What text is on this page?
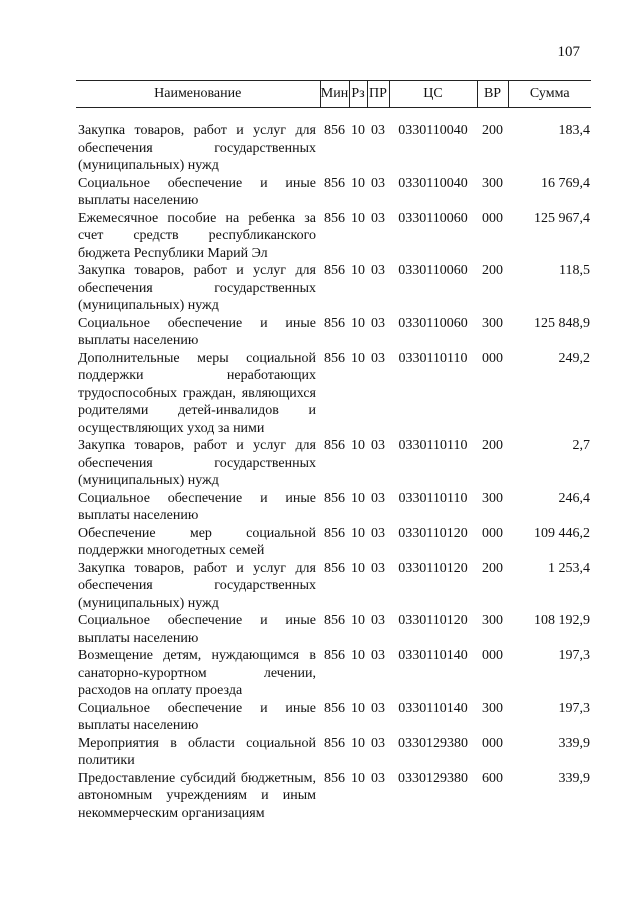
107
Наименование	Мин	Рз	ПР	ЦС	ВР	Сумма

Закупка товаров, работ и услуг для обеспечения государственных (муниципальных) нужд	856	10	03	0330110040	200	183,4
Социальное обеспечение и иные выплаты населению	856	10	03	0330110040	300	16 769,4
Ежемесячное пособие на ребенка за счет средств республиканского бюджета Республики Марий Эл	856	10	03	0330110060	000	125 967,4
Закупка товаров, работ и услуг для обеспечения государственных (муниципальных) нужд	856	10	03	0330110060	200	118,5
Социальное обеспечение и иные выплаты населению	856	10	03	0330110060	300	125 848,9
Дополнительные меры социальной поддержки неработающих трудоспособных граждан, являющихся родителями детей-инвалидов и осуществляющих уход за ними	856	10	03	0330110110	000	249,2
Закупка товаров, работ и услуг для обеспечения государственных (муниципальных) нужд	856	10	03	0330110110	200	2,7
Социальное обеспечение и иные выплаты населению	856	10	03	0330110110	300	246,4
Обеспечение мер социальной поддержки многодетных семей	856	10	03	0330110120	000	109 446,2
Закупка товаров, работ и услуг для обеспечения государственных (муниципальных) нужд	856	10	03	0330110120	200	1 253,4
Социальное обеспечение и иные выплаты населению	856	10	03	0330110120	300	108 192,9
Возмещение детям, нуждающимся в санаторно-курортном лечении, расходов на оплату проезда	856	10	03	0330110140	000	197,3
Социальное обеспечение и иные выплаты населению	856	10	03	0330110140	300	197,3
Мероприятия в области социальной политики	856	10	03	0330129380	000	339,9
Предоставление субсидий бюджетным, автономным учреждениям и иным некоммерческим организациям	856	10	03	0330129380	600	339,9
